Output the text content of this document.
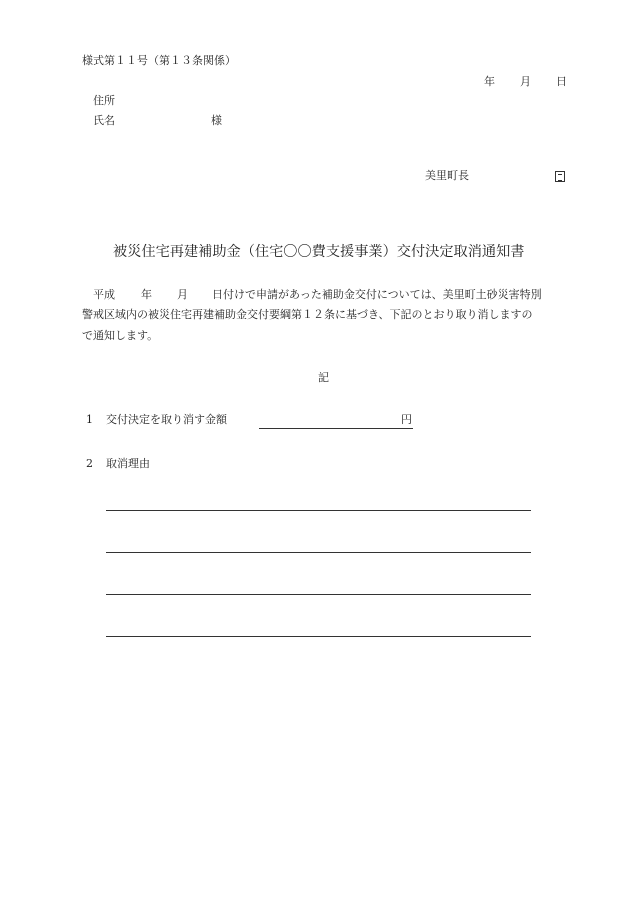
様式第１１号（第１３条関係）
年 月 日
住所
氏名	様
美里町長
被災住宅再建補助金（住宅〇〇費支援事業）交付決定取消通知書
平成 年 月 日付けで申請があった補助金交付については、美里町土砂災害特別
警戒区域内の被災住宅再建補助金交付要綱第１２条に基づき、下記のとおり取り消しますの
で通知します。
記
1 交付決定を取り消す金額	円
2 取消理由
